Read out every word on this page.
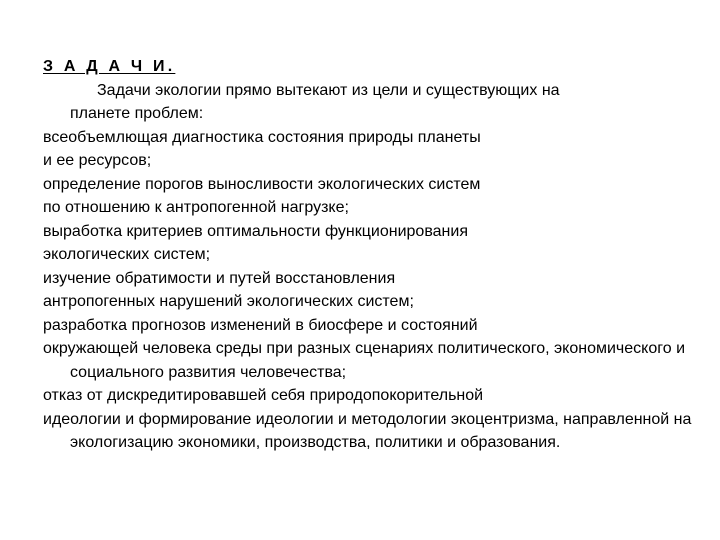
З А Д А Ч И.

Задачи экологии прямо вытекают из цели и существующих на
планете проблем:

всеобъемлющая диагностика состояния природы планеты
и ее ресурсов;

определение порогов выносливости экологических систем
по отношению к антропогенной нагрузке;

выработка критериев оптимальности функционирования
экологических систем;

изучение обратимости и путей восстановления
антропогенных нарушений экологических систем;

разработка прогнозов изменений в биосфере и состояний
окружающей человека среды при разных сценариях политического, экономического и социального развития человечества;

отказ от дискредитировавшей себя природопокорительной
идеологии и формирование идеологии и методологии экоцентризма, направленной на экологизацию экономики, производства, политики и образования.
